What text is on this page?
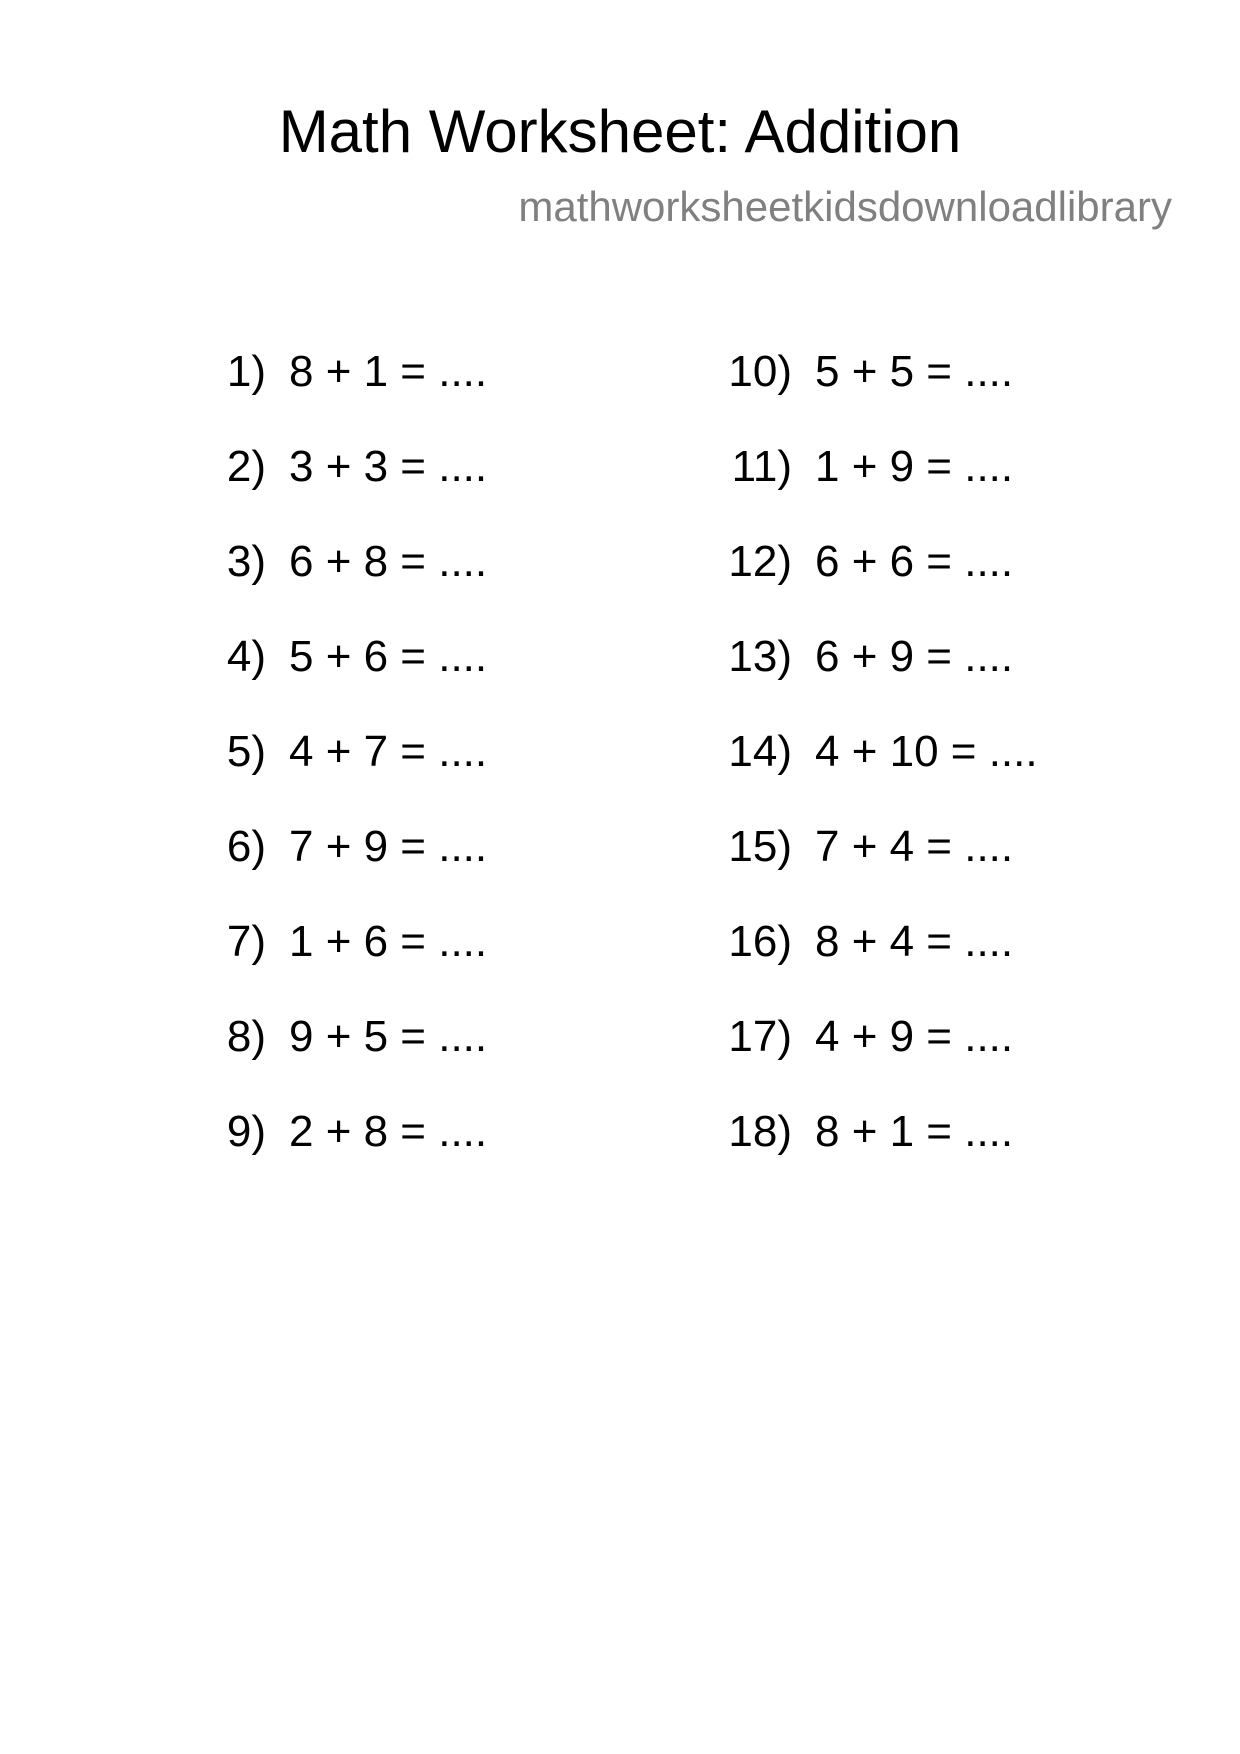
Math Worksheet: Addition
mathworksheetkidsdownloadlibrary
1) 8 + 1 = ....
2) 3 + 3 = ....
3) 6 + 8 = ....
4) 5 + 6 = ....
5) 4 + 7 = ....
6) 7 + 9 = ....
7) 1 + 6 = ....
8) 9 + 5 = ....
9) 2 + 8 = ....
10) 5 + 5 = ....
11) 1 + 9 = ....
12) 6 + 6 = ....
13) 6 + 9 = ....
14) 4 + 10 = ....
15) 7 + 4 = ....
16) 8 + 4 = ....
17) 4 + 9 = ....
18) 8 + 1 = ....
